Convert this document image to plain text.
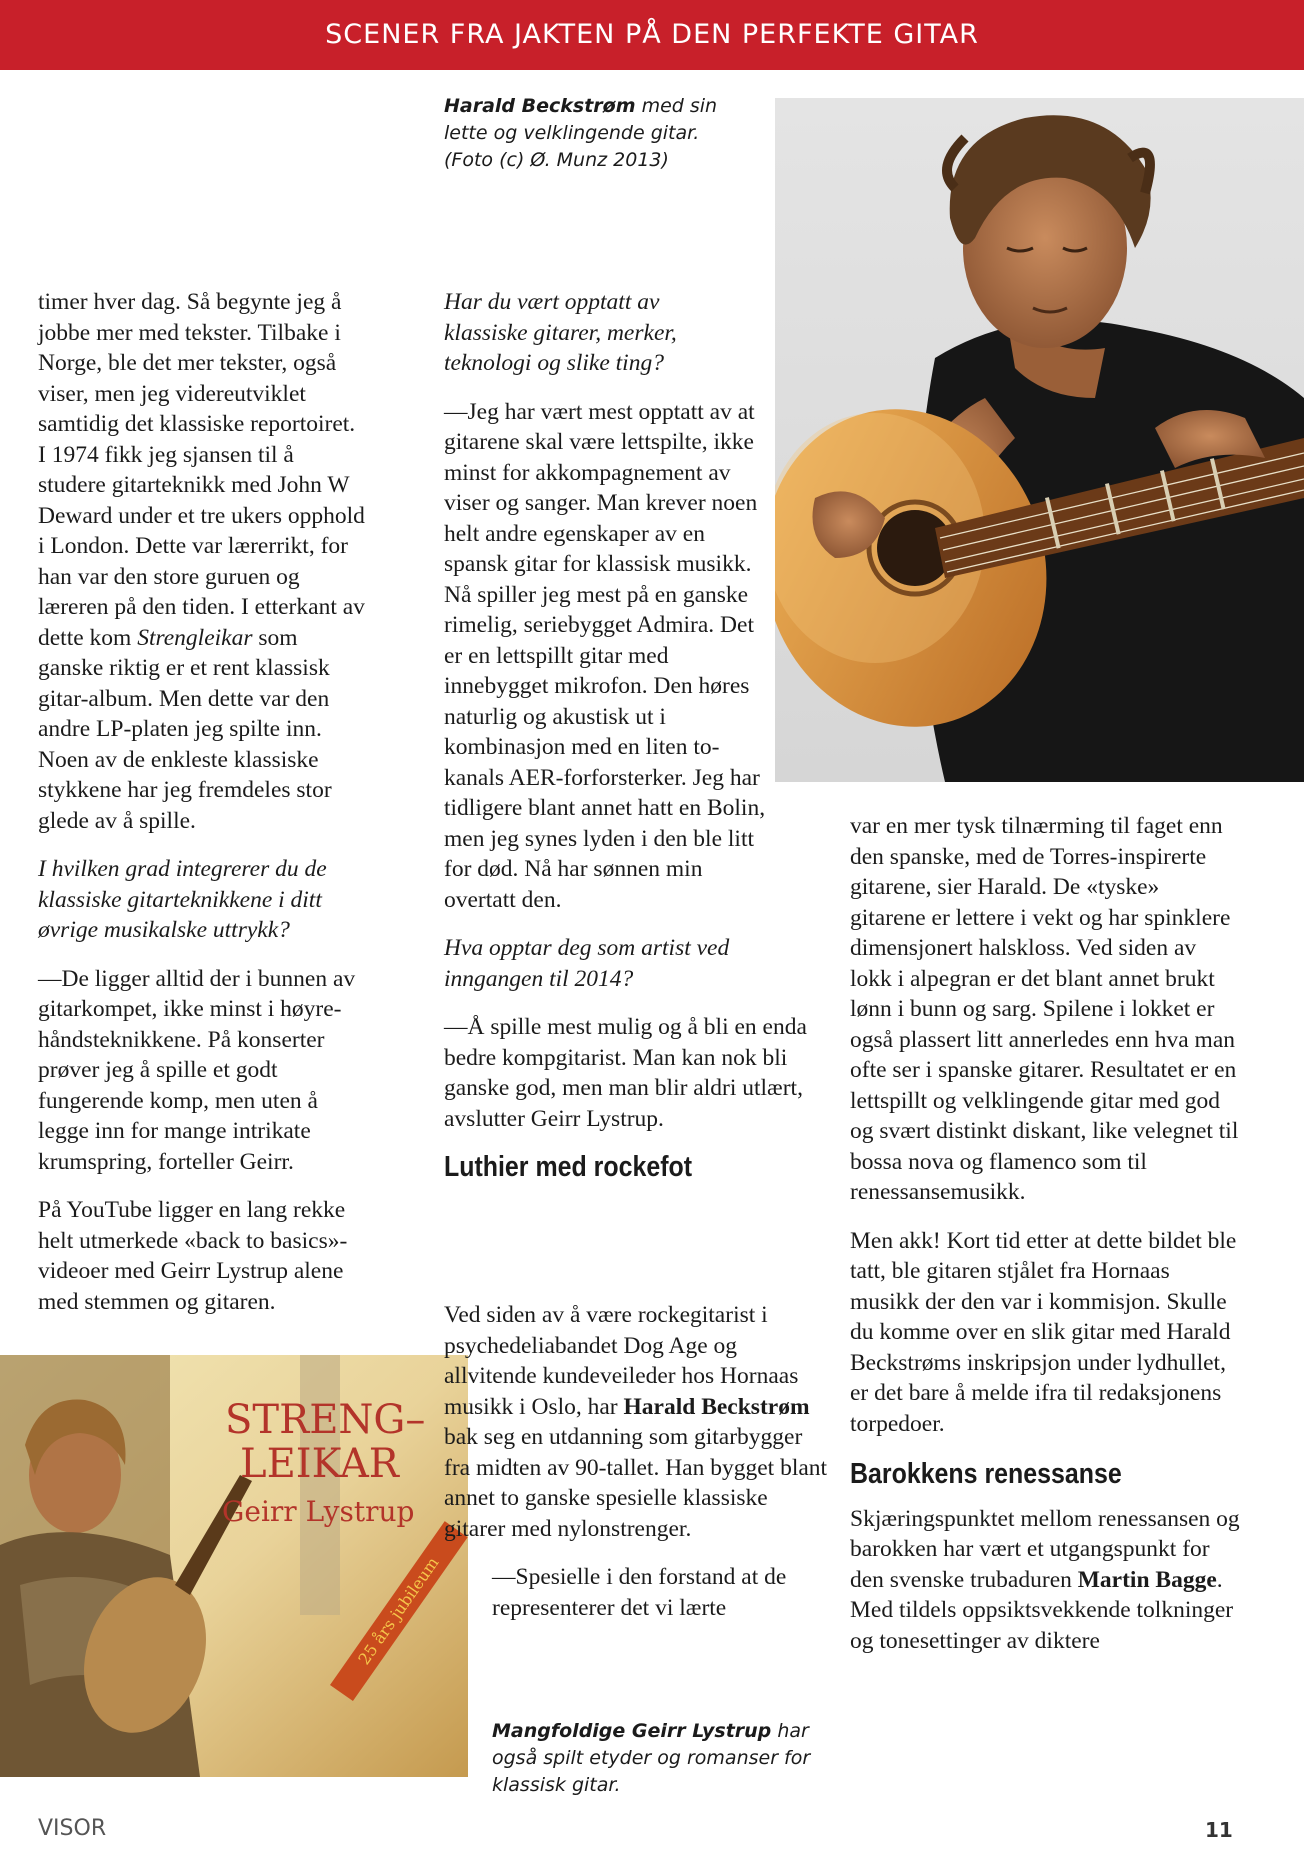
SCENER FRA JAKTEN PÅ DEN PERFEKTE GITAR
Harald Beckstrøm med sin
lette og velklingende gitar.
(Foto (c) Ø. Munz 2013)

timer hver dag. Så begynte jeg å jobbe mer med tekster. Tilbake i Norge, ble det mer tekster, også viser, men jeg videreutviklet samtidig det klassiske reportoiret. I 1974 fikk jeg sjansen til å studere gitarteknikk med John W Deward under et tre ukers opphold i London. Dette var lærerrikt, for han var den store guruen og læreren på den tiden. I etterkant av dette kom Strengleikar som ganske riktig er et rent klassisk gitar-album. Men dette var den andre LP-platen jeg spilte inn. Noen av de enkleste klassiske stykkene har jeg fremdeles stor glede av å spille.

I hvilken grad integrerer du de klassiske gitarteknikkene i ditt øvrige musikalske uttrykk?

—De ligger alltid der i bunnen av gitarkompet, ikke minst i høyre-håndsteknikkene. På konserter prøver jeg å spille et godt fungerende komp, men uten å legge inn for mange intrikate krumspring, forteller Geirr.

På YouTube ligger en lang rekke helt utmerkede «back to basics»-videoer med Geirr Lystrup alene med stemmen og gitaren.

STRENG–
LEIKAR
Geirr Lystrup
25 års jubileum

Har du vært opptatt av klassiske gitarer, merker, teknologi og slike ting?

—Jeg har vært mest opptatt av at gitarene skal være lettspilte, ikke minst for akkompagnement av viser og sanger. Man krever noen helt andre egenskaper av en spansk gitar for klassisk musikk. Nå spiller jeg mest på en ganske rimelig, seriebygget Admira. Det er en lettspillt gitar med innebygget mikrofon. Den høres naturlig og akustisk ut i kombinasjon med en liten to-kanals AER-forforsterker. Jeg har tidligere blant annet hatt en Bolin, men jeg synes lyden i den ble litt for død. Nå har sønnen min overtatt den.

Hva opptar deg som artist ved inngangen til 2014?

—Å spille mest mulig og å bli en enda bedre kompgitarist. Man kan nok bli ganske god, men man blir aldri utlært, avslutter Geirr Lystrup.

Luthier med rockefot

Ved siden av å være rockegitarist i psychedeliabandet Dog Age og allvitende kundeveileder hos Hornaas musikk i Oslo, har Harald Beckstrøm bak seg en utdanning som gitarbygger fra midten av 90-tallet. Han bygget blant annet to ganske spesielle klassiske gitarer med nylonstrenger.

—Spesielle i den forstand at de representerer det vi lærte

Mangfoldige Geirr Lystrup har også spilt etyder og romanser for klassisk gitar.

var en mer tysk tilnærming til faget enn den spanske, med de Torres-inspirerte gitarene, sier Harald. De «tyske» gitarene er lettere i vekt og har spinklere dimensjonert halskloss. Ved siden av lokk i alpegran er det blant annet brukt lønn i bunn og sarg. Spilene i lokket er også plassert litt annerledes enn hva man ofte ser i spanske gitarer. Resultatet er en lettspillt og velklingende gitar med god og svært distinkt diskant, like velegnet til bossa nova og flamenco som til renessansemusikk.

Men akk! Kort tid etter at dette bildet ble tatt, ble gitaren stjålet fra Hornaas musikk der den var i kommisjon. Skulle du komme over en slik gitar med Harald Beckstrøms inskripsjon under lydhullet, er det bare å melde ifra til redaksjonens torpedoer.

Barokkens renessanse

Skjæringspunktet mellom renessansen og barokken har vært et utgangspunkt for den svenske trubaduren Martin Bagge. Med tildels oppsiktsvekkende tolkninger og tonesettinger av diktere

VISOR	11
